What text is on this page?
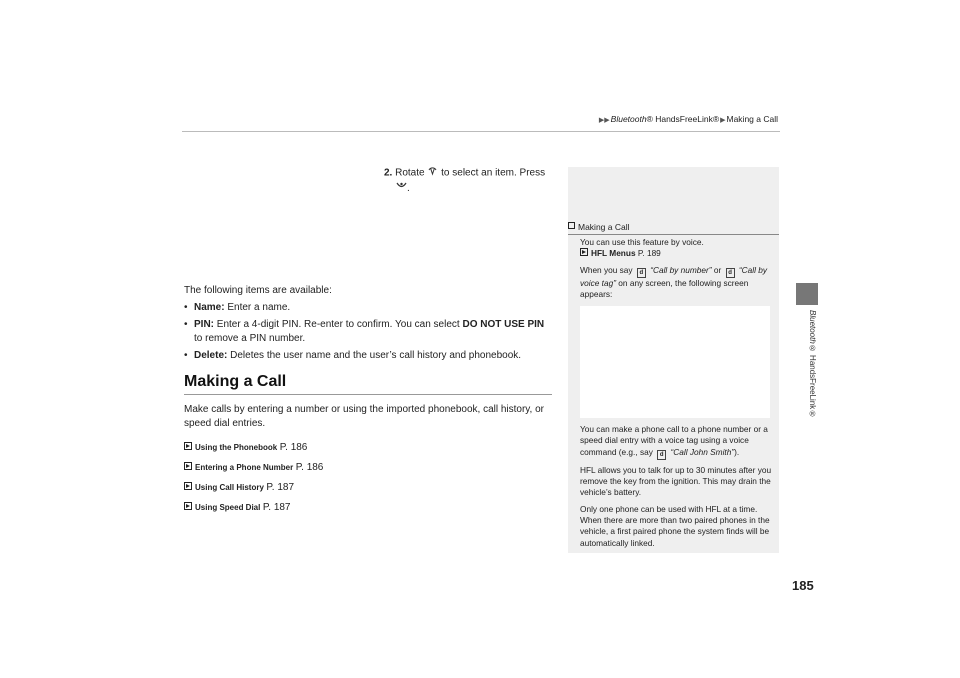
▶▶Bluetooth® HandsFreeLink®▶Making a Call
2. Rotate to select an item. Press
.

The following items are available:

• Name: Enter a name.
• PIN: Enter a 4-digit PIN. Re-enter to confirm. You can select DO NOT USE PIN to remove a PIN number.
• Delete: Deletes the user name and the user’s call history and phonebook.
Making a Call

Make calls by entering a number or using the imported phonebook, call history, or speed dial entries.

Using the Phonebook P. 186
Entering a Phone Number P. 186
Using Call History P. 187
Using Speed Dial P. 187
Making a Call

You can use this feature by voice.
HFL Menus P. 189

When you say d “Call by number” or d “Call by voice tag” on any screen, the following screen appears:

You can make a phone call to a phone number or a speed dial entry with a voice tag using a voice command (e.g., say d “Call John Smith”).

HFL allows you to talk for up to 30 minutes after you remove the key from the ignition. This may drain the vehicle’s battery.

Only one phone can be used with HFL at a time. When there are more than two paired phones in the vehicle, a first paired phone the system finds will be automatically linked.

Bluetooth® HandsFreeLink®
185
